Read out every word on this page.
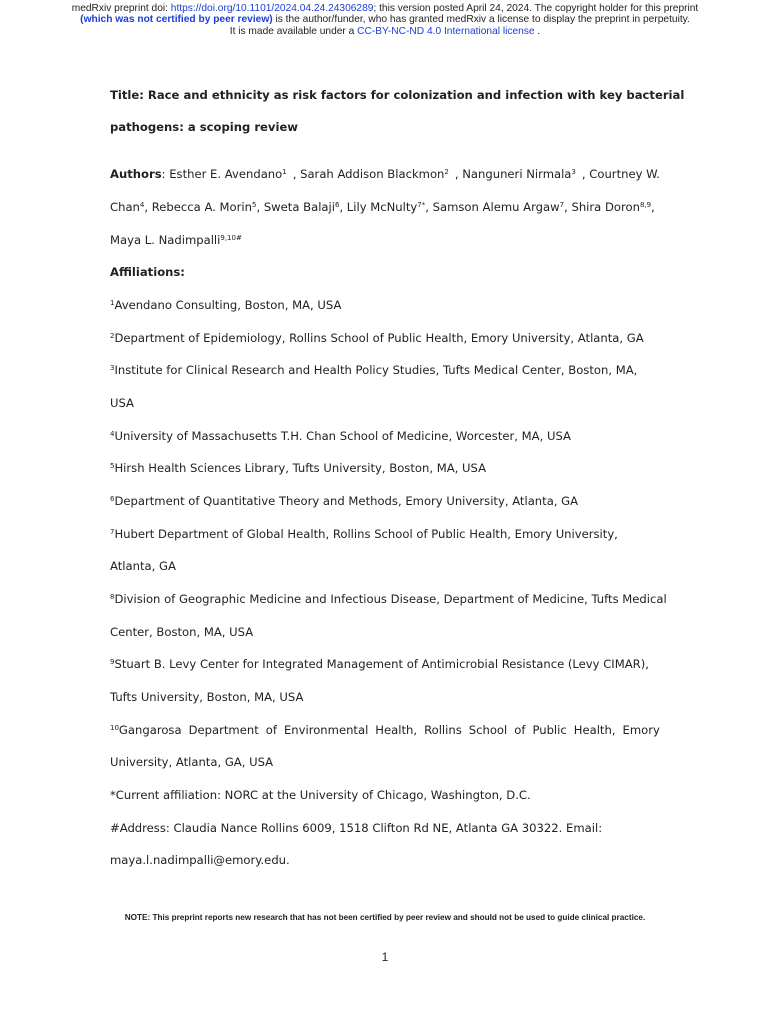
medRxiv preprint doi: https://doi.org/10.1101/2024.04.24.24306289; this version posted April 24, 2024. The copyright holder for this preprint
(which was not certified by peer review) is the author/funder, who has granted medRxiv a license to display the preprint in perpetuity.
It is made available under a CC-BY-NC-ND 4.0 International license .
Title: Race and ethnicity as risk factors for colonization and infection with key bacterial
pathogens: a scoping review
Authors: Esther E. Avendano$^1$ , Sarah Addison Blackmon$^2$ , Nanguneri Nirmala$^3$ , Courtney W.
Chan$^4$, Rebecca A. Morin$^5$, Sweta Balaji$^6$, Lily McNulty$^{7*}$, Samson Alemu Argaw$^7$, Shira Doron$^{8,9}$,
Maya L. Nadimpalli$^{9,10\#}$
Affiliations:
$^1$Avendano Consulting, Boston, MA, USA
$^2$Department of Epidemiology, Rollins School of Public Health, Emory University, Atlanta, GA
$^3$Institute for Clinical Research and Health Policy Studies, Tufts Medical Center, Boston, MA,
USA
$^4$University of Massachusetts T.H. Chan School of Medicine, Worcester, MA, USA
$^5$Hirsh Health Sciences Library, Tufts University, Boston, MA, USA
$^6$Department of Quantitative Theory and Methods, Emory University, Atlanta, GA
$^7$Hubert Department of Global Health, Rollins School of Public Health, Emory University,
Atlanta, GA
$^8$Division of Geographic Medicine and Infectious Disease, Department of Medicine, Tufts Medical
Center, Boston, MA, USA
$^9$Stuart B. Levy Center for Integrated Management of Antimicrobial Resistance (Levy CIMAR),
Tufts University, Boston, MA, USA
$^{10}$Gangarosa Department of Environmental Health, Rollins School of Public Health, Emory
University, Atlanta, GA, USA
*Current affiliation: NORC at the University of Chicago, Washington, D.C.
#Address: Claudia Nance Rollins 6009, 1518 Clifton Rd NE, Atlanta GA 30322. Email:
maya.l.nadimpalli@emory.edu.
NOTE: This preprint reports new research that has not been certified by peer review and should not be used to guide clinical practice.
1
